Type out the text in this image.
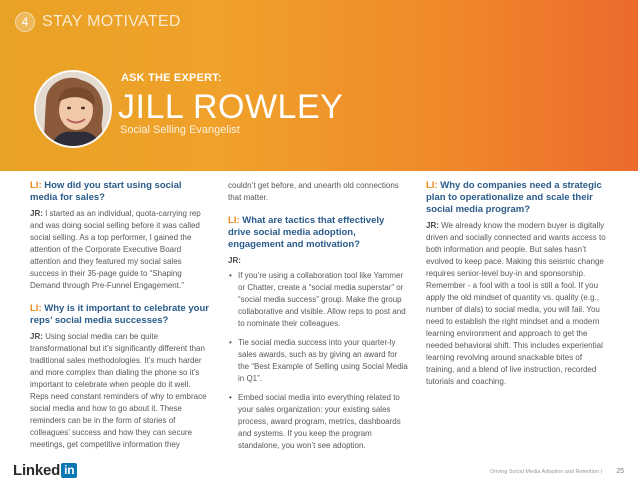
4 STAY MOTIVATED
ASK THE EXPERT:
JILL ROWLEY
Social Selling Evangelist
LI: How did you start using social media for sales?
JR: I started as an individual, quota-carrying rep and was doing social selling before it was called social selling. As a top performer, I gained the attention of the Corporate Executive Board attention and they featured my social sales success in their 35-page guide to “Shaping Demand through Pre-Funnel Engagement.”
LI: Why is it important to celebrate your reps’ social media successes?
JR: Using social media can be quite transformational but it’s significantly different than traditional sales methodologies. It’s much harder and more complex than dialing the phone so it’s important to celebrate when people do it well. Reps need constant reminders of why to embrace social media and how to go about it. These reminders can be in the form of stories of colleagues’ success and how they can secure meetings, get competitive information they
couldn’t get before, and unearth old connections that matter.
LI: What are tactics that effectively drive social media adoption, engagement and motivation?
JR:
• If you’re using a collaboration tool like Yammer or Chatter, create a “social media superstar” or “social media success” group. Make the group collaborative and visible. Allow reps to post and to nominate their colleagues.
• Tie social media success into your quarter-ly sales awards, such as by giving an award for the “Best Example of Selling using Social Media in Q1”.
• Embed social media into everything related to your sales organization: your existing sales process, award program, metrics, dashboards and systems. If you keep the program standalone, you won’t see adoption.
LI: Why do companies need a strategic plan to operationalize and scale their social media program?
JR: We already know the modern buyer is digitally driven and socially connected and wants access to both information and people. But sales hasn’t evolved to keep pace. Making this seismic change requires senior-level buy-in and sponsorship. Remember - a fool with a tool is still a fool. If you apply the old mindset of quantity vs. quality (e.g., number of dials) to social media, you will fail. You need to establish the right mindset and a modern learning environment and approach to get the needed behavioral shift. This includes experiential learning revolving around snackable bites of training, and a blend of live instruction, recorded tutorials and coaching.
Linked in	Driving Social Media Adoption and Retention | 25
